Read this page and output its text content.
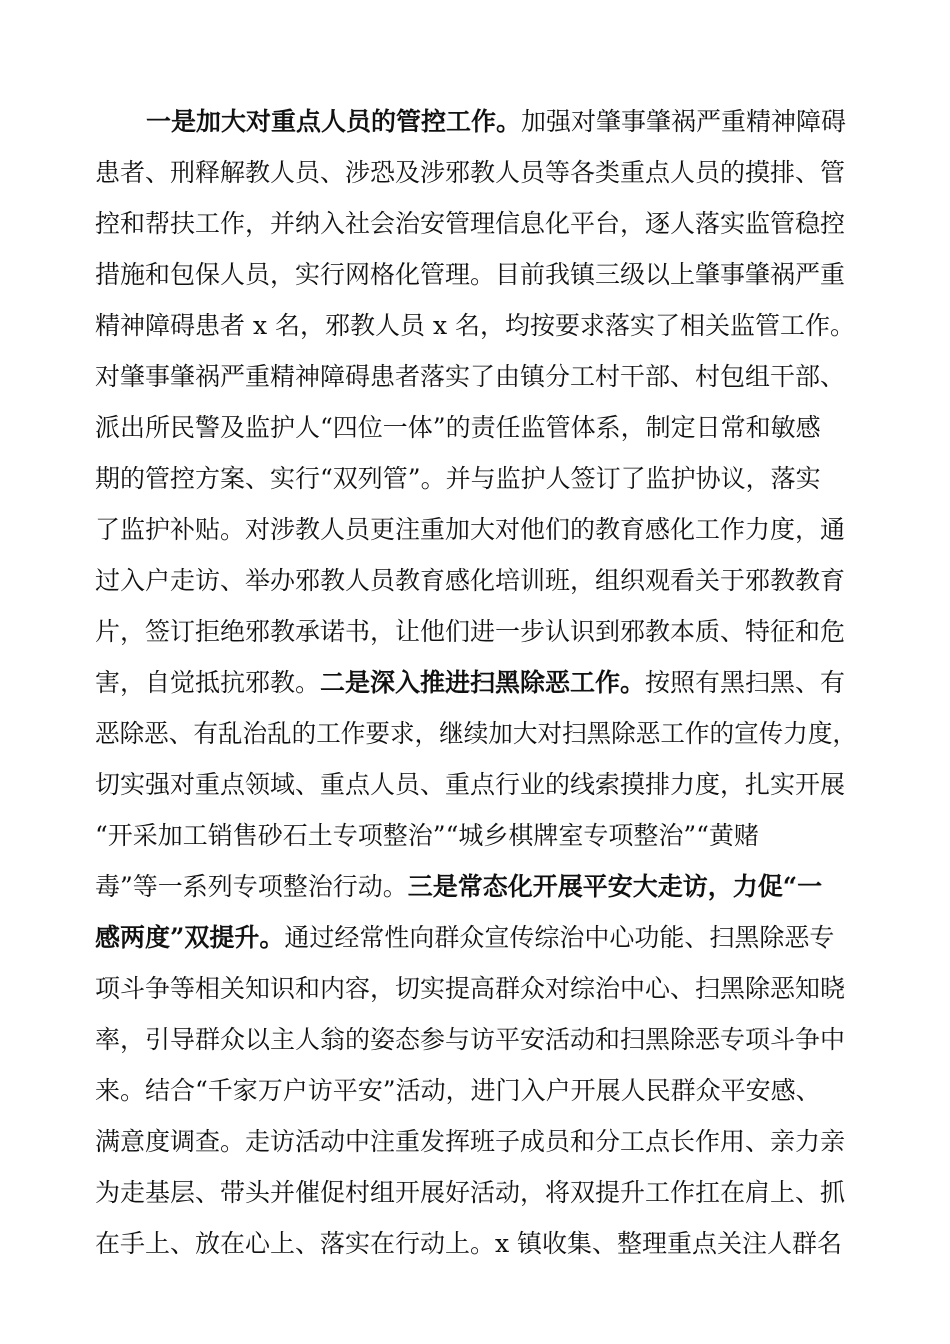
一是加大对重点人员的管控工作。加强对肇事肇祸严重精神障碍
患者、刑释解教人员、涉恐及涉邪教人员等各类重点人员的摸排、管
控和帮扶工作，并纳入社会治安管理信息化平台，逐人落实监管稳控
措施和包保人员，实行网格化管理。目前我镇三级以上肇事肇祸严重
精神障碍患者 x 名，邪教人员 x 名，均按要求落实了相关监管工作。
对肇事肇祸严重精神障碍患者落实了由镇分工村干部、村包组干部、
派出所民警及监护人“四位一体”的责任监管体系，制定日常和敏感
期的管控方案、实行“双列管”。并与监护人签订了监护协议，落实
了监护补贴。对涉教人员更注重加大对他们的教育感化工作力度，通
过入户走访、举办邪教人员教育感化培训班，组织观看关于邪教教育
片，签订拒绝邪教承诺书，让他们进一步认识到邪教本质、特征和危
害，自觉抵抗邪教。二是深入推进扫黑除恶工作。按照有黑扫黑、有
恶除恶、有乱治乱的工作要求，继续加大对扫黑除恶工作的宣传力度，
切实强对重点领域、重点人员、重点行业的线索摸排力度，扎实开展
“开采加工销售砂石土专项整治”“城乡棋牌室专项整治”“黄赌
毒”等一系列专项整治行动。三是常态化开展平安大走访，力促“一
感两度”双提升。通过经常性向群众宣传综治中心功能、扫黑除恶专
项斗争等相关知识和内容，切实提高群众对综治中心、扫黑除恶知晓
率，引导群众以主人翁的姿态参与访平安活动和扫黑除恶专项斗争中
来。结合“千家万户访平安”活动，进门入户开展人民群众平安感、
满意度调查。走访活动中注重发挥班子成员和分工点长作用、亲力亲
为走基层、带头并催促村组开展好活动，将双提升工作扛在肩上、抓
在手上、放在心上、落实在行动上。x 镇收集、整理重点关注人群名
